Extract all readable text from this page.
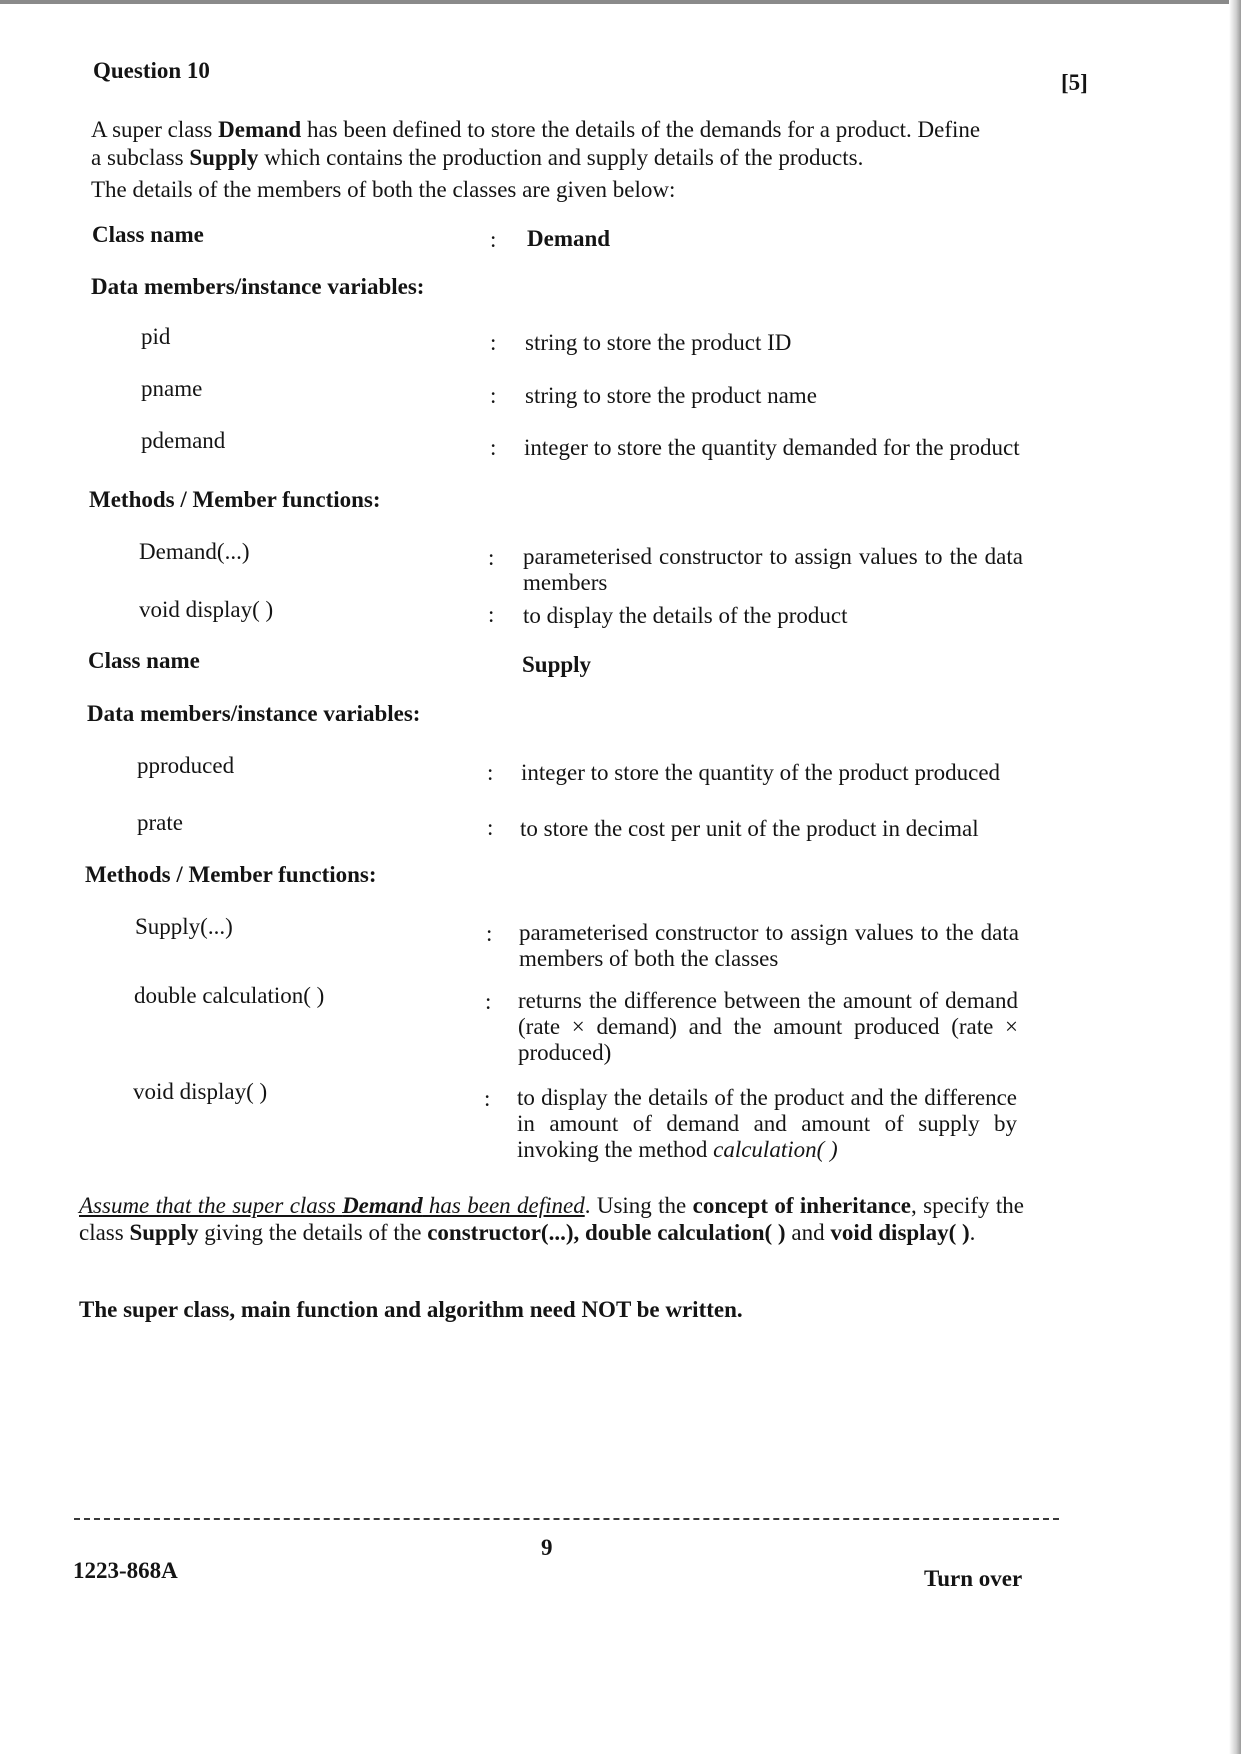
Question 10	[5]

A super class Demand has been defined to store the details of the demands for a product. Define

a subclass Supply which contains the production and supply details of the products.

The details of the members of both the classes are given below:

Class name	: Demand
Data members/instance variables:
pid	: string to store the product ID
pname	: string to store the product name
pdemand	: integer to store the quantity demanded for the product
Methods / Member functions:
Demand(...)	: parameterised constructor to assign values to the data members
void display( )	: to display the details of the product
Class name	Supply
Data members/instance variables:
pproduced	: integer to store the quantity of the product produced
prate	: to store the cost per unit of the product in decimal
Methods / Member functions:
Supply(...)	: parameterised constructor to assign values to the data members of both the classes
double calculation( )	: returns the difference between the amount of demand (rate × demand) and the amount produced (rate × produced)
void display( )	: to display the details of the product and the difference in amount of demand and amount of supply by invoking the method calculation( )
Assume that the super class Demand has been defined. Using the concept of inheritance, specify the class Supply giving the details of the constructor(...), double calculation( ) and void display( ).
The super class, main function and algorithm need NOT be written.
9
1223-868A	Turn over
